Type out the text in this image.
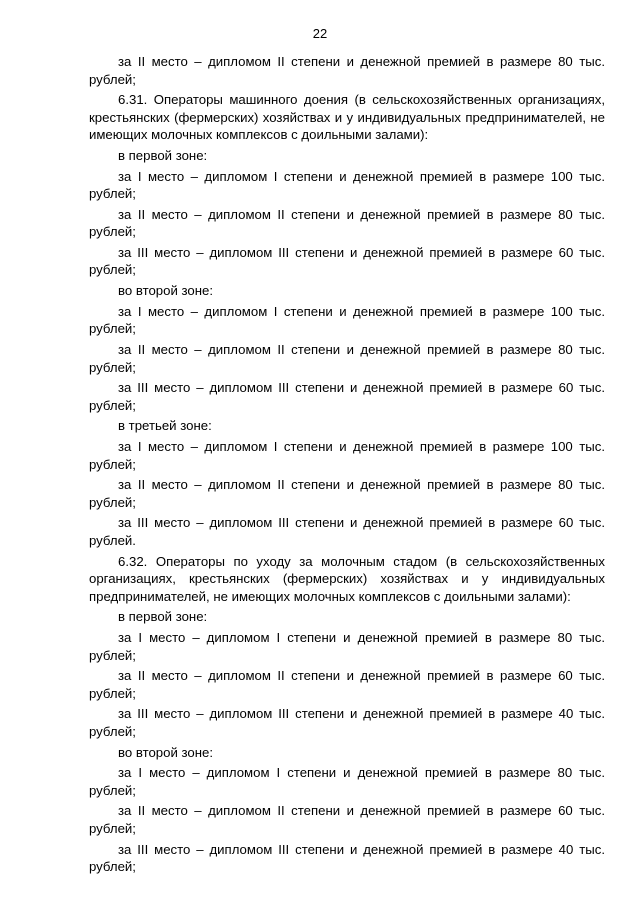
22

за II место – дипломом II степени и денежной премией в размере 80 тыс. рублей;

6.31. Операторы машинного доения (в сельскохозяйственных организациях, крестьянских (фермерских) хозяйствах и у индивидуальных предпринимателей, не имеющих молочных комплексов с доильными залами):

в первой зоне:

за I место – дипломом I степени и денежной премией в размере 100 тыс. рублей;

за II место – дипломом II степени и денежной премией в размере 80 тыс. рублей;

за III место – дипломом III степени и денежной премией в размере 60 тыс. рублей;

во второй зоне:

за I место – дипломом I степени и денежной премией в размере 100 тыс. рублей;

за II место – дипломом II степени и денежной премией в размере 80 тыс. рублей;

за III место – дипломом III степени и денежной премией в размере 60 тыс. рублей;

в третьей зоне:

за I место – дипломом I степени и денежной премией в размере 100 тыс. рублей;

за II место – дипломом II степени и денежной премией в размере 80 тыс. рублей;

за III место – дипломом III степени и денежной премией в размере 60 тыс. рублей.

6.32. Операторы по уходу за молочным стадом (в сельскохозяйственных организациях, крестьянских (фермерских) хозяйствах и у индивидуальных предпринимателей, не имеющих молочных комплексов с доильными залами):

в первой зоне:

за I место – дипломом I степени и денежной премией в размере 80 тыс. рублей;

за II место – дипломом II степени и денежной премией в размере 60 тыс. рублей;

за III место – дипломом III степени и денежной премией в размере 40 тыс. рублей;

во второй зоне:

за I место – дипломом I степени и денежной премией в размере 80 тыс. рублей;

за II место – дипломом II степени и денежной премией в размере 60 тыс. рублей;

за III место – дипломом III степени и денежной премией в размере 40 тыс. рублей;
